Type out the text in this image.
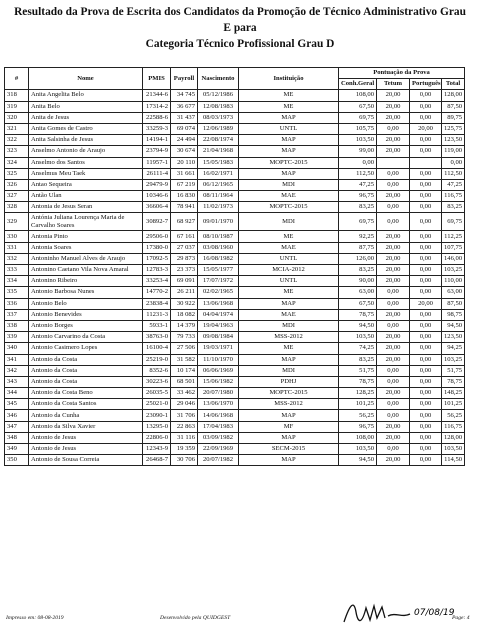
Resultado da Prova de Escrita dos Candidatos da Promoção de Técnico Administrativo Grau
E para
Categoria Técnico Profissional Grau D
#	Nome	PMIS	Payroll	Nascimento	Instituição	Pontuação da Prova			
						Conh.Geral	Tetum	Português	Total
318	Anita Angelita Belo	21344-6	34 745	05/12/1986	ME	108,00	20,00	0,00	128,00
319	Anita Belo	17314-2	36 677	12/08/1983	ME	67,50	20,00	0,00	87,50
320	Anita de Jesus	22588-6	31 437	08/03/1973	MAP	69,75	20,00	0,00	89,75
321	Anita Gomes de Castro	33259-3	69 074	12/06/1989	UNTL	105,75	0,00	20,00	125,75
322	Anita Salsinha de Jesus	14194-1	24 494	22/08/1974	MAP	103,50	20,00	0,00	123,50
323	Anselmo Antonio de Araujo	23794-9	30 674	21/04/1968	MAP	99,00	20,00	0,00	119,00
324	Anselmo dos Santos	11957-1	20 110	15/05/1983	MOPTC-2015	0,00			0,00
325	Anselmus Meu Taek	26111-4	31 661	16/02/1971	MAP	112,50	0,00	0,00	112,50
326	Antao Sequeira	29479-9	67 219	06/12/1965	MDI	47,25	0,00	0,00	47,25
327	Antão Ulan	10346-6	16 830	08/11/1964	MAE	96,75	20,00	0,00	116,75
328	Antonia de Jesus Seran	36606-4	78 941	11/02/1973	MOPTC-2015	83,25	0,00	0,00	83,25
329	Antónia Juliana Lourença Maria de Carvalho Soares	30892-7	68 927	09/01/1970	MDI	69,75	0,00	0,00	69,75
330	Antonia Pinto	29506-0	67 161	08/10/1987	ME	92,25	20,00	0,00	112,25
331	Antonia Soares	17380-0	27 037	03/08/1960	MAE	87,75	20,00	0,00	107,75
332	Antoninho Manuel Alves de Araujo	17092-5	29 873	16/08/1982	UNTL	126,00	20,00	0,00	146,00
333	Antonino Caetano Vila Nova Amaral	12783-3	23 373	15/05/1977	MCIA-2012	83,25	20,00	0,00	103,25
334	Antonino Ribeiro	33253-4	69 091	17/07/1972	UNTL	90,00	20,00	0,00	110,00
335	Antonio Barbosa Nunes	14770-2	26 211	02/02/1965	ME	63,00	0,00	0,00	63,00
336	Antonio Belo	23838-4	30 922	13/06/1968	MAP	67,50	0,00	20,00	87,50
337	Antonio Benevides	11231-3	18 082	04/04/1974	MAE	78,75	20,00	0,00	98,75
338	Antonio Borges	5933-1	14 379	19/04/1963	MDI	94,50	0,00	0,00	94,50
339	Antonio Carvarino da Costa	38763-0	79 733	09/08/1984	MSS-2012	103,50	20,00	0,00	123,50
340	Antonio Casimero Lopes	16100-4	27 506	19/03/1971	ME	74,25	20,00	0,00	94,25
341	Antonio da Costa	25219-0	31 582	11/10/1970	MAP	83,25	20,00	0,00	103,25
342	Antonio da Costa	8352-6	10 174	06/06/1969	MDI	51,75	0,00	0,00	51,75
343	Antonio da Costa	30223-6	68 501	15/06/1982	PDHJ	78,75	0,00	0,00	78,75
344	Antonio da Costa Beno	26035-5	33 462	20/07/1980	MOPTC-2015	128,25	20,00	0,00	148,25
345	Antonio da Costa Santos	25021-0	29 046	13/06/1970	MSS-2012	101,25	0,00	0,00	101,25
346	Antonio da Cunha	23090-1	31 706	14/06/1968	MAP	56,25	0,00	0,00	56,25
347	Antonio da Silva Xavier	13295-0	22 863	17/04/1983	MF	96,75	20,00	0,00	116,75
348	Antonio de Jesus	22806-0	31 116	03/09/1982	MAP	108,00	20,00	0,00	128,00
349	Antonio de Jesus	12343-9	19 359	22/09/1969	SECM-2015	103,50	0,00	0,00	103,50
350	Antonio de Sousa Correia	26468-7	30 706	20/07/1982	MAP	94,50	20,00	0,00	114,50
Impresso em: 08-08-2019	Desenvolvido pela QUIDGEST	07/08/19
Page: 4
